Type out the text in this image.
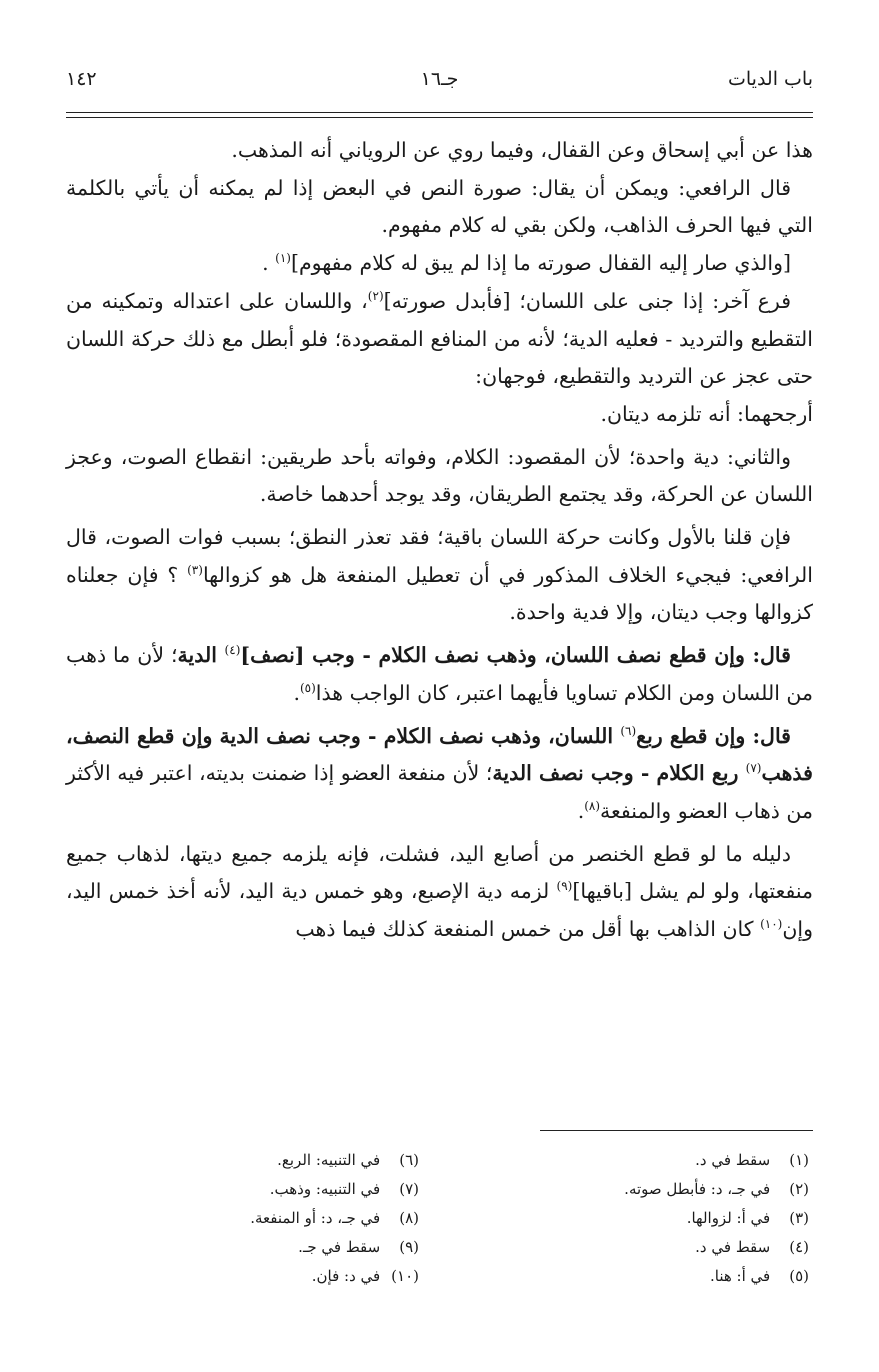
باب الديات
جـ١٦
١٤٢

هذا عن أبي إسحاق وعن القفال، وفيما روي عن الروياني أنه المذهب.

قال الرافعي: ويمكن أن يقال: صورة النص في البعض إذا لم يمكنه أن يأتي بالكلمة التي فيها الحرف الذاهب، ولكن بقي له كلام مفهوم.

[والذي صار إليه القفال صورته ما إذا لم يبق له كلام مفهوم]$^{(١)}$ .

فرع آخر: إذا جنى على اللسان؛ [فأبدل صورته]$^{(٢)}$، واللسان على اعتداله وتمكينه من التقطيع والترديد - فعليه الدية؛ لأنه من المنافع المقصودة؛ فلو أبطل مع ذلك حركة اللسان حتى عجز عن الترديد والتقطيع، فوجهان:

أرجحهما: أنه تلزمه ديتان.

والثاني: دية واحدة؛ لأن المقصود: الكلام، وفواته بأحد طريقين: انقطاع الصوت، وعجز اللسان عن الحركة، وقد يجتمع الطريقان، وقد يوجد أحدهما خاصة.

فإن قلنا بالأول وكانت حركة اللسان باقية؛ فقد تعذر النطق؛ بسبب فوات الصوت، قال الرافعي: فيجيء الخلاف المذكور في أن تعطيل المنفعة هل هو كزوالها$^{(٣)}$ ؟ فإن جعلناه كزوالها وجب ديتان، وإلا فدية واحدة.

قال: وإن قطع نصف اللسان، وذهب نصف الكلام - وجب [نصف]$^{(٤)}$ الدية؛ لأن ما ذهب من اللسان ومن الكلام تساويا فأيهما اعتبر، كان الواجب هذا$^{(٥)}$.

قال: وإن قطع ربع$^{(٦)}$ اللسان، وذهب نصف الكلام - وجب نصف الدية وإن قطع النصف، فذهب$^{(٧)}$ ربع الكلام - وجب نصف الدية؛ لأن منفعة العضو إذا ضمنت بديته، اعتبر فيه الأكثر من ذهاب العضو والمنفعة$^{(٨)}$.

دليله ما لو قطع الخنصر من أصابع اليد، فشلت، فإنه يلزمه جميع ديتها، لذهاب جميع منفعتها، ولو لم يشل [باقيها]$^{(٩)}$ لزمه دية الإصبع، وهو خمس دية اليد، لأنه أخذ خمس اليد، وإن$^{(١٠)}$ كان الذاهب بها أقل من خمس المنفعة كذلك فيما ذهب

(١) سقط في د.
(٢) في جـ، د: فأبطل صوته.
(٣) في أ: لزوالها.
(٤) سقط في د.
(٥) في أ: هنا.
(٦) في التنبيه: الربع.
(٧) في التنبيه: وذهب.
(٨) في جـ، د: أو المنفعة.
(٩) سقط في جـ.
(١٠) في د: فإن.
